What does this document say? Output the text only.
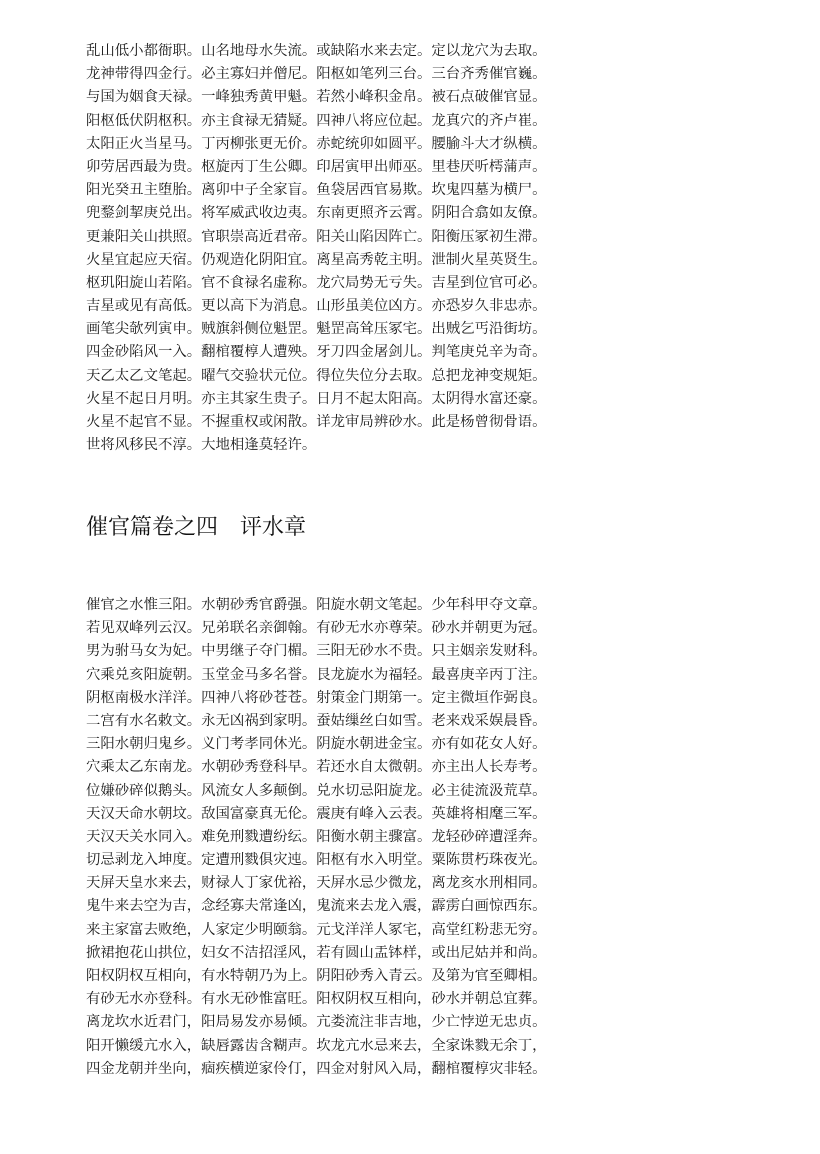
乱山低小都衙职。山名地母水失流。或缺陷水来去定。定以龙穴为去取。
龙神带得四金行。必主寡妇并僧尼。阳枢如笔列三台。三台齐秀催官巍。
与国为姻食天禄。一峰独秀黄甲魁。若然小峰积金帛。被石点破催官显。
阳枢低伏阴枢积。亦主食禄无猜疑。四神八将应位起。龙真穴的齐卢崔。
太阳正火当星马。丁丙柳张更无价。赤蛇统卯如圆平。腰腧斗大才纵横。
卯劳居西最为贵。枢旋丙丁生公卿。印居寅甲出师巫。里巷厌听樗蒲声。
阳光癸丑主堕胎。离卯中子全家盲。鱼袋居西官易欺。坎鬼四墓为横尸。
兜鍪剑挈庚兑出。将军威武收边夷。东南更照齐云霄。阴阳合翕如友僚。
更兼阳关山拱照。官职崇高近君帝。阳关山陷因阵亡。阳衡压冢初生滞。
火星宜起应天宿。仍观造化阴阳宜。离星高秀乾主明。泄制火星英贤生。
枢玑阳旋山若陷。官不食禄名虚称。龙穴局势无亏失。吉星到位官可必。
吉星或见有高低。更以高下为消息。山形虽美位凶方。亦恐岁久非忠赤。
画笔尖欹列寅申。贼旗斜侧位魁罡。魁罡高耸压冢宅。出贼乞丐沿街坊。
四金砂陷风一入。翻棺覆椁人遭殃。牙刀四金屠剑儿。判笔庚兑辛为奇。
天乙太乙文笔起。曜气交验状元位。得位失位分去取。总把龙神变规矩。
火星不起日月明。亦主其家生贵子。日月不起太阳高。太阴得水富还豪。
火星不起官不显。不握重权或闲散。详龙审局辨砂水。此是杨曾彻骨语。
世将风移民不淳。大地相逢莫轻许。
催官篇卷之四　评水章
催官之水惟三阳。水朝砂秀官爵强。阳旋水朝文笔起。少年科甲夺文章。
若见双峰列云汉。兄弟联名亲御翰。有砂无水亦尊荣。砂水并朝更为冠。
男为驸马女为妃。中男继子夺门楣。三阳无砂水不贵。只主姻亲发财科。
穴乘兑亥阳旋朝。玉堂金马多名誉。艮龙旋水为福轻。最喜庚辛丙丁注。
阴枢南极水洋洋。四神八将砂苍苍。射策金门期第一。定主微垣作弼良。
二宫有水名敕文。永无凶祸到家明。蚕姑缫丝白如雪。老来戏采娱晨昏。
三阳水朝归鬼乡。义门考孝同休光。阴旋水朝进金宝。亦有如花女人好。
穴乘太乙东南龙。水朝砂秀登科早。若还水自太微朝。亦主出人长寿考。
位嫌砂碎似鹅头。风流女人多颠倒。兑水切忌阳旋龙。必主徒流汲荒草。
天汉天命水朝坟。敌国富豪真无伦。震庚有峰入云表。英雄将相麾三军。
天汉天关水同入。难免刑戮遭纷纭。阳衡水朝主骤富。龙轻砂碎遭淫奔。
切忌剥龙入坤度。定遭刑戮俱灾迍。阳枢有水入明堂。粟陈贯朽珠夜光。
天屏天皇水来去，财禄人丁家优裕，天屏水忌少微龙，离龙亥水刑相同。
鬼牛来去空为吉，念经寡夫常逢凶，鬼流来去龙入震，霹雳白画惊西东。
来主家富去败绝，人家定少明颐翁。元戈洋洋人冢宅，高堂红粉悲无穷。
掀裙抱花山拱位，妇女不洁招淫风，若有圆山盂钵样，或出尼姑并和尚。
阳权阴权互相向，有水特朝乃为上。阴阳砂秀入青云。及第为官至卿相。
有砂无水亦登科。有水无砂惟富旺。阳权阴权互相向，砂水并朝总宜葬。
离龙坎水近君门，阳局易发亦易倾。亢娄流注非吉地，少亡悖逆无忠贞。
阳开懒缓亢水入，缺唇露齿含糊声。坎龙亢水忌来去，全家诛戮无余丁，
四金龙朝并坐向，痼疾横逆家伶仃，四金对射风入局，翻棺覆椁灾非轻。
